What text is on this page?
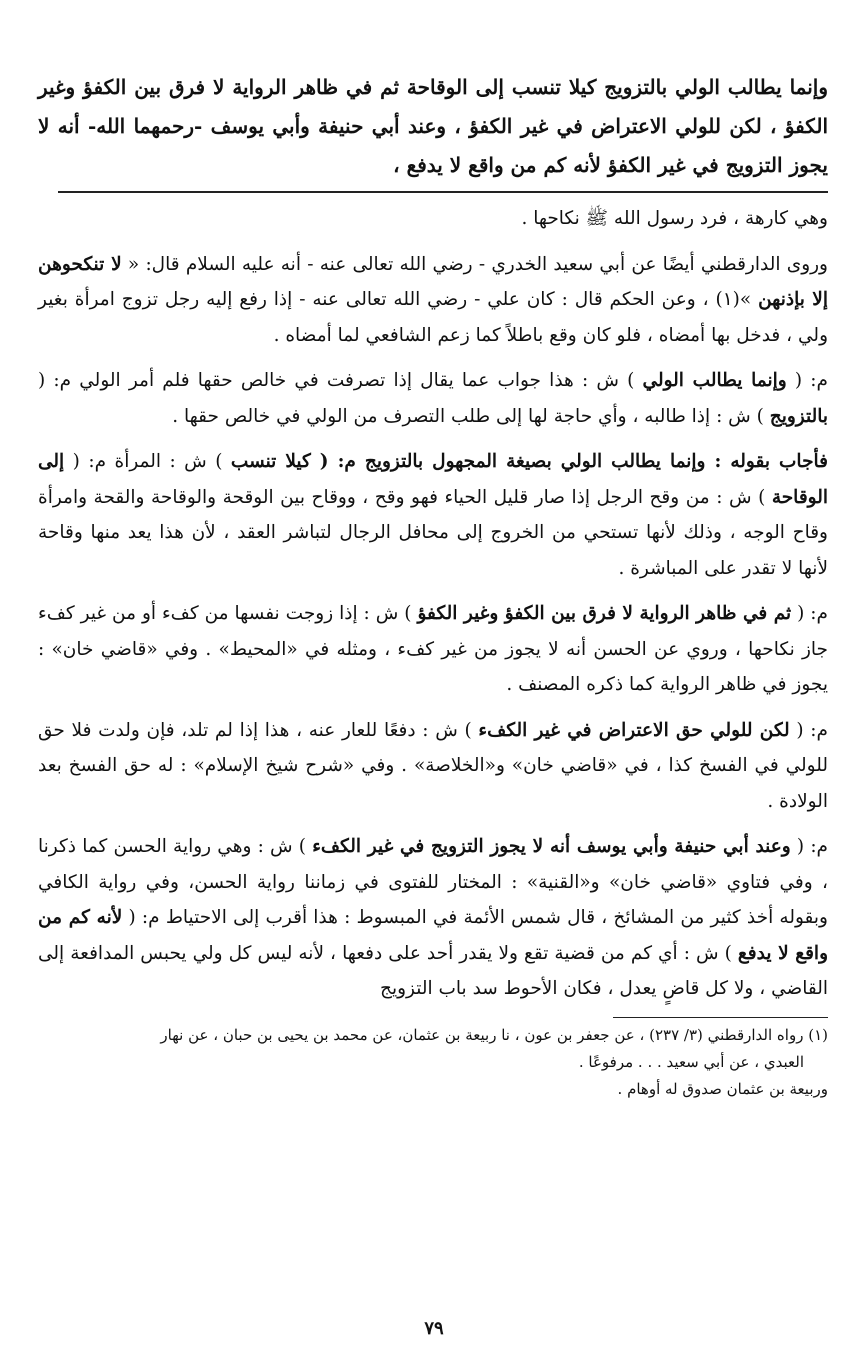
وإنما يطالب الولي بالتزويج كيلا تنسب إلى الوقاحة ثم في ظاهر الرواية لا فرق بين الكفؤ وغير الكفؤ ، لكن للولي الاعتراض في غير الكفؤ ، وعند أبي حنيفة وأبي يوسف -رحمهما الله- أنه لا يجوز التزويج في غير الكفؤ لأنه كم من واقع لا يدفع ،

وهي كارهة ، فرد رسول الله ﷺ نكاحها .

وروى الدارقطني أيضًا عن أبي سعيد الخدري - رضي الله تعالى عنه - أنه عليه السلام قال: « لا تنكحوهن إلا بإذنهن »(١) ، وعن الحكم قال : كان علي - رضي الله تعالى عنه - إذا رفع إليه رجل تزوج امرأة بغير ولي ، فدخل بها أمضاه ، فلو كان وقع باطلاً كما زعم الشافعي لما أمضاه .

م: ( وإنما يطالب الولي ) ش : هذا جواب عما يقال إذا تصرفت في خالص حقها فلم أمر الولي م: ( بالتزويج ) ش : إذا طالبه ، وأي حاجة لها إلى طلب التصرف من الولي في خالص حقها .

فأجاب بقوله : وإنما يطالب الولي بصيغة المجهول بالتزويج م: ( كيلا تنسب ) ش : المرأة م: ( إلى الوقاحة ) ش : من وقح الرجل إذا صار قليل الحياء فهو وقح ، ووقاح بين الوقحة والوقاحة والقحة وامرأة وقاح الوجه ، وذلك لأنها تستحي من الخروج إلى محافل الرجال لتباشر العقد ، لأن هذا يعد منها وقاحة لأنها لا تقدر على المباشرة .

م: ( ثم في ظاهر الرواية لا فرق بين الكفؤ وغير الكفؤ ) ش : إذا زوجت نفسها من كفء أو من غير كفء جاز نكاحها ، وروي عن الحسن أنه لا يجوز من غير كفء ، ومثله في «المحيط» . وفي «قاضي خان» : يجوز في ظاهر الرواية كما ذكره المصنف .

م: ( لكن للولي حق الاعتراض في غير الكفء ) ش : دفعًا للعار عنه ، هذا إذا لم تلد، فإن ولدت فلا حق للولي في الفسخ كذا ، في «قاضي خان» و«الخلاصة» . وفي «شرح شيخ الإسلام» : له حق الفسخ بعد الولادة .

م: ( وعند أبي حنيفة وأبي يوسف أنه لا يجوز التزويج في غير الكفء ) ش : وهي رواية الحسن كما ذكرنا ، وفي فتاوي «قاضي خان» و«القنية» : المختار للفتوى في زماننا رواية الحسن، وفي رواية الكافي وبقوله أخذ كثير من المشائخ ، قال شمس الأئمة في المبسوط : هذا أقرب إلى الاحتياط م: ( لأنه كم من واقع لا يدفع ) ش : أي كم من قضية تقع ولا يقدر أحد على دفعها ، لأنه ليس كل ولي يحبس المدافعة إلى القاضي ، ولا كل قاضٍ يعدل ، فكان الأحوط سد باب التزويج

(١) رواه الدارقطني (٣/ ٢٣٧) ، عن جعفر بن عون ، نا ربيعة بن عثمان، عن محمد بن يحيى بن حبان ، عن نهار

العبدي ، عن أبي سعيد . . . مرفوعًا .

وربيعة بن عثمان صدوق له أوهام .

٧٩
